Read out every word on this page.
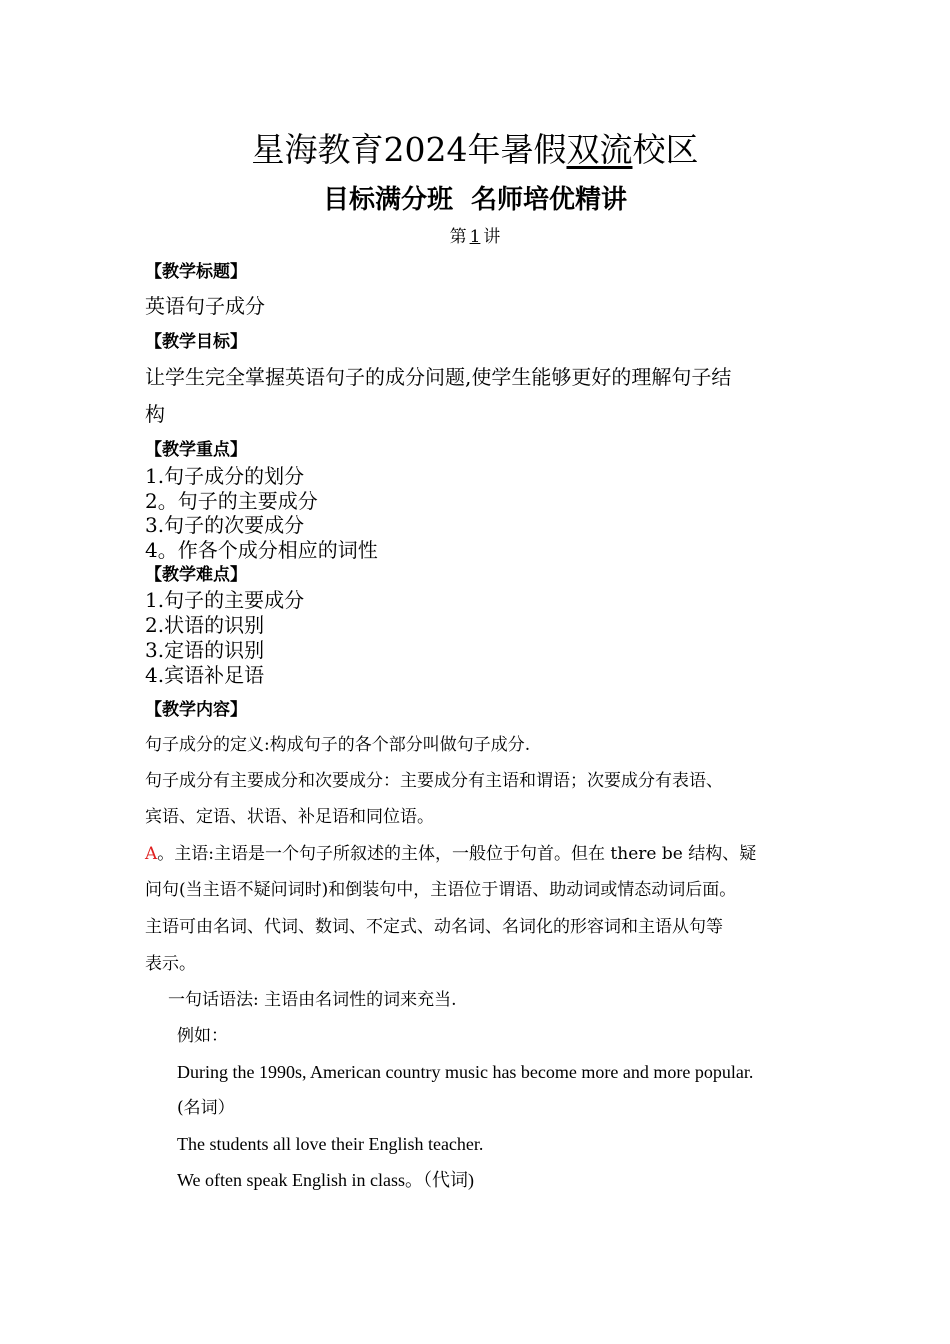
星海教育2024年暑假双流校区
目标满分班  名师培优精讲
第 1 讲
【教学标题】
英语句子成分
【教学目标】
让学生完全掌握英语句子的成分问题,使学生能够更好的理解句子结
构
【教学重点】
1.句子成分的划分
2。句子的主要成分
3.句子的次要成分
4。作各个成分相应的词性
【教学难点】
1.句子的主要成分
2.状语的识别
3.定语的识别
4.宾语补足语
【教学内容】
句子成分的定义:构成句子的各个部分叫做句子成分.
句子成分有主要成分和次要成分：主要成分有主语和谓语；次要成分有表语、
宾语、定语、状语、补足语和同位语。
A。主语:主语是一个句子所叙述的主体，一般位于句首。但在 there be 结构、疑
问句(当主语不疑问词时)和倒装句中，主语位于谓语、助动词或情态动词后面。
主语可由名词、代词、数词、不定式、动名词、名词化的形容词和主语从句等
表示。
一句话语法: 主语由名词性的词来充当.
例如：
During the 1990s, American country music has become more and more popular.
(名词）
The students all love their English teacher.
We often speak English in class。（代词)
